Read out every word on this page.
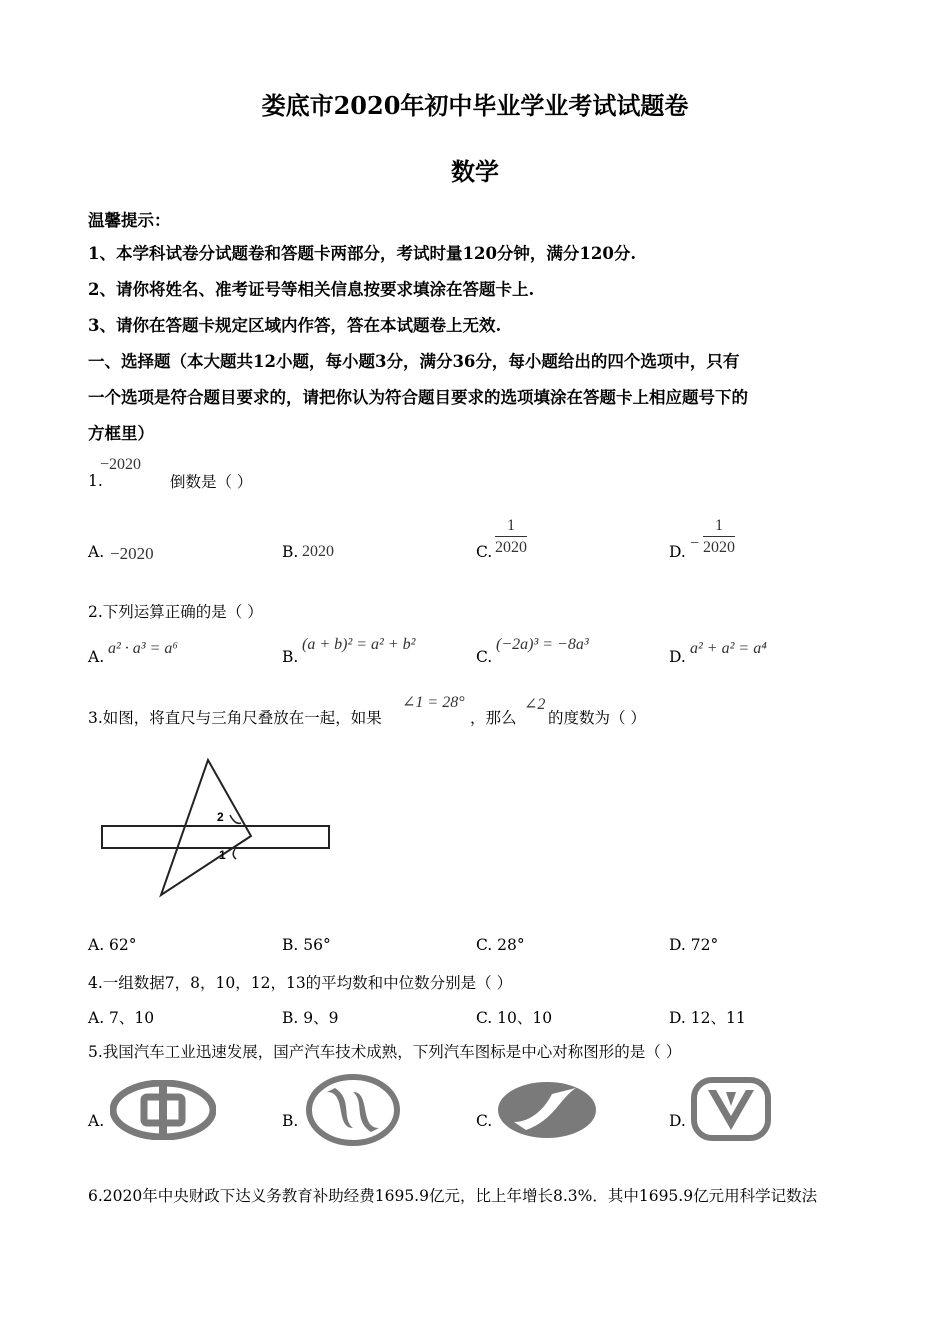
娄底市2020年初中毕业学业考试试题卷
数学
温馨提示：
1、本学科试卷分试题卷和答题卡两部分，考试时量120分钟，满分120分.
2、请你将姓名、准考证号等相关信息按要求填涂在答题卡上.
3、请你在答题卡规定区域内作答，答在本试题卷上无效.
一、选择题（本大题共12小题，每小题3分，满分36分，每小题给出的四个选项中，只有
一个选项是符合题目要求的，请把你认为符合题目要求的选项填涂在答题卡上相应题号下的
方框里）
1.
−2020
倒数是（ ）
A. −2020	B. 2020	C. $\frac{1}{2020}$	D. − $\frac{1}{2020}$
2.下列运算正确的是（ ）
A. a² · a³ = a⁶	B.
(a + b)² = a² + b²
C.
(−2a)³ = −8a³
D. a² + a² = a⁴
3.如图，将直尺与三角尺叠放在一起，如果
∠1 = 28°
，那么
∠2
的度数为（ ）
2
1
A. 62°	B. 56°	C. 28°	D. 72°
4.一组数据7，8，10，12，13的平均数和中位数分别是（ ）
A. 7、10	B. 9、9	C. 10、10	D. 12、11
5.我国汽车工业迅速发展，国产汽车技术成熟，下列汽车图标是中心对称图形的是（ ）
A.	B.	C.	D.
6.2020年中央财政下达义务教育补助经费1695.9亿元，比上年增长8.3%．其中1695.9亿元用科学记数法
